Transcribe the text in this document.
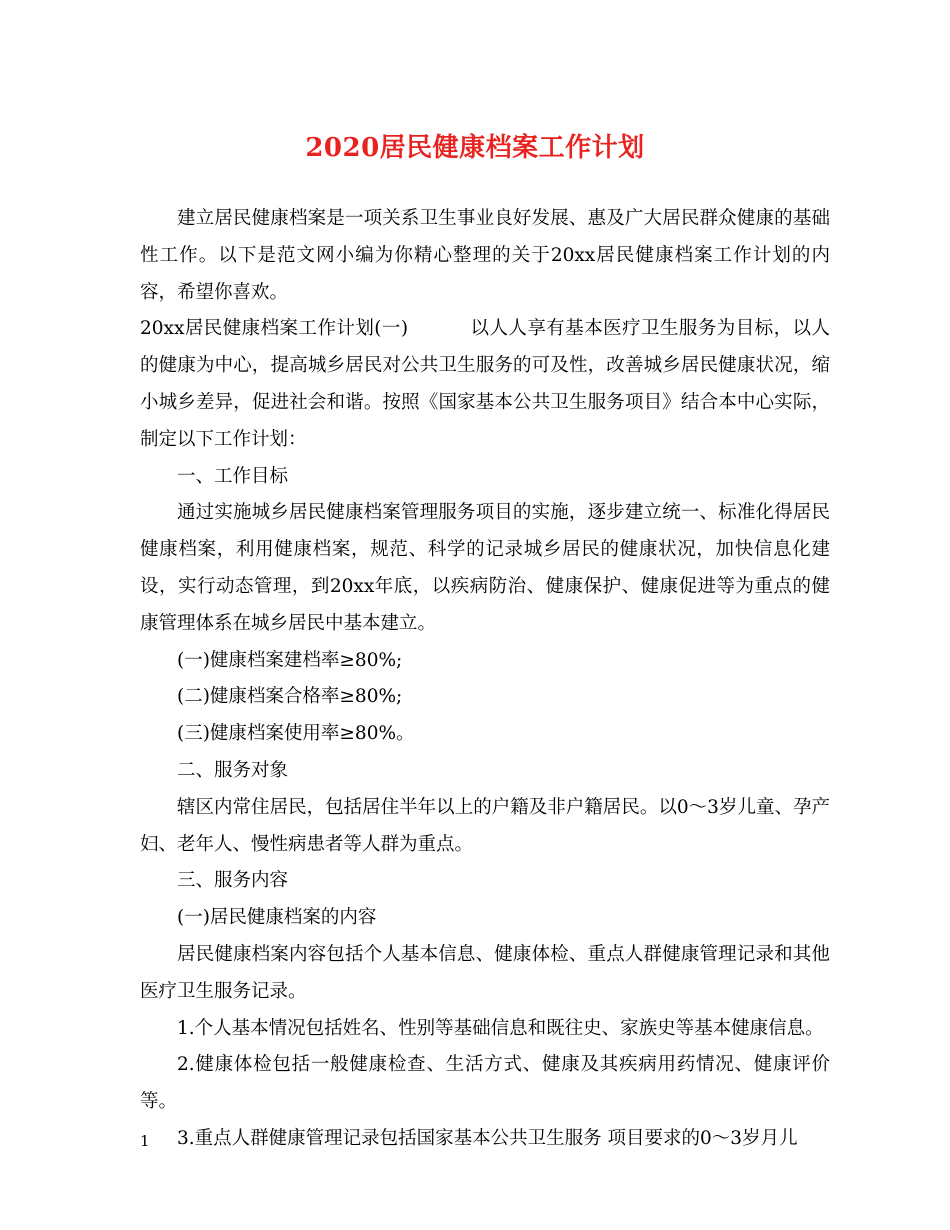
2020居民健康档案工作计划

建立居民健康档案是一项关系卫生事业良好发展、惠及广大居民群众健康的基础性工作。以下是范文网小编为你精心整理的关于20xx居民健康档案工作计划的内容，希望你喜欢。

20xx居民健康档案工作计划(一)	以人人享有基本医疗卫生服务为目标，以人的健康为中心，提高城乡居民对公共卫生服务的可及性，改善城乡居民健康状况，缩小城乡差异，促进社会和谐。按照《国家基本公共卫生服务项目》结合本中心实际，制定以下工作计划：

一、工作目标

通过实施城乡居民健康档案管理服务项目的实施，逐步建立统一、标准化得居民健康档案，利用健康档案，规范、科学的记录城乡居民的健康状况，加快信息化建设，实行动态管理，到20xx年底，以疾病防治、健康保护、健康促进等为重点的健康管理体系在城乡居民中基本建立。

(一)健康档案建档率≥80%;

(二)健康档案合格率≥80%;

(三)健康档案使用率≥80%。

二、服务对象

辖区内常住居民，包括居住半年以上的户籍及非户籍居民。以0～3岁儿童、孕产妇、老年人、慢性病患者等人群为重点。

三、服务内容

(一)居民健康档案的内容

居民健康档案内容包括个人基本信息、健康体检、重点人群健康管理记录和其他医疗卫生服务记录。

1.个人基本情况包括姓名、性别等基础信息和既往史、家族史等基本健康信息。

2.健康体检包括一般健康检查、生活方式、健康及其疾病用药情况、健康评价等。

3.重点人群健康管理记录包括国家基本公共卫生服务 项目要求的0～3岁月儿

1
